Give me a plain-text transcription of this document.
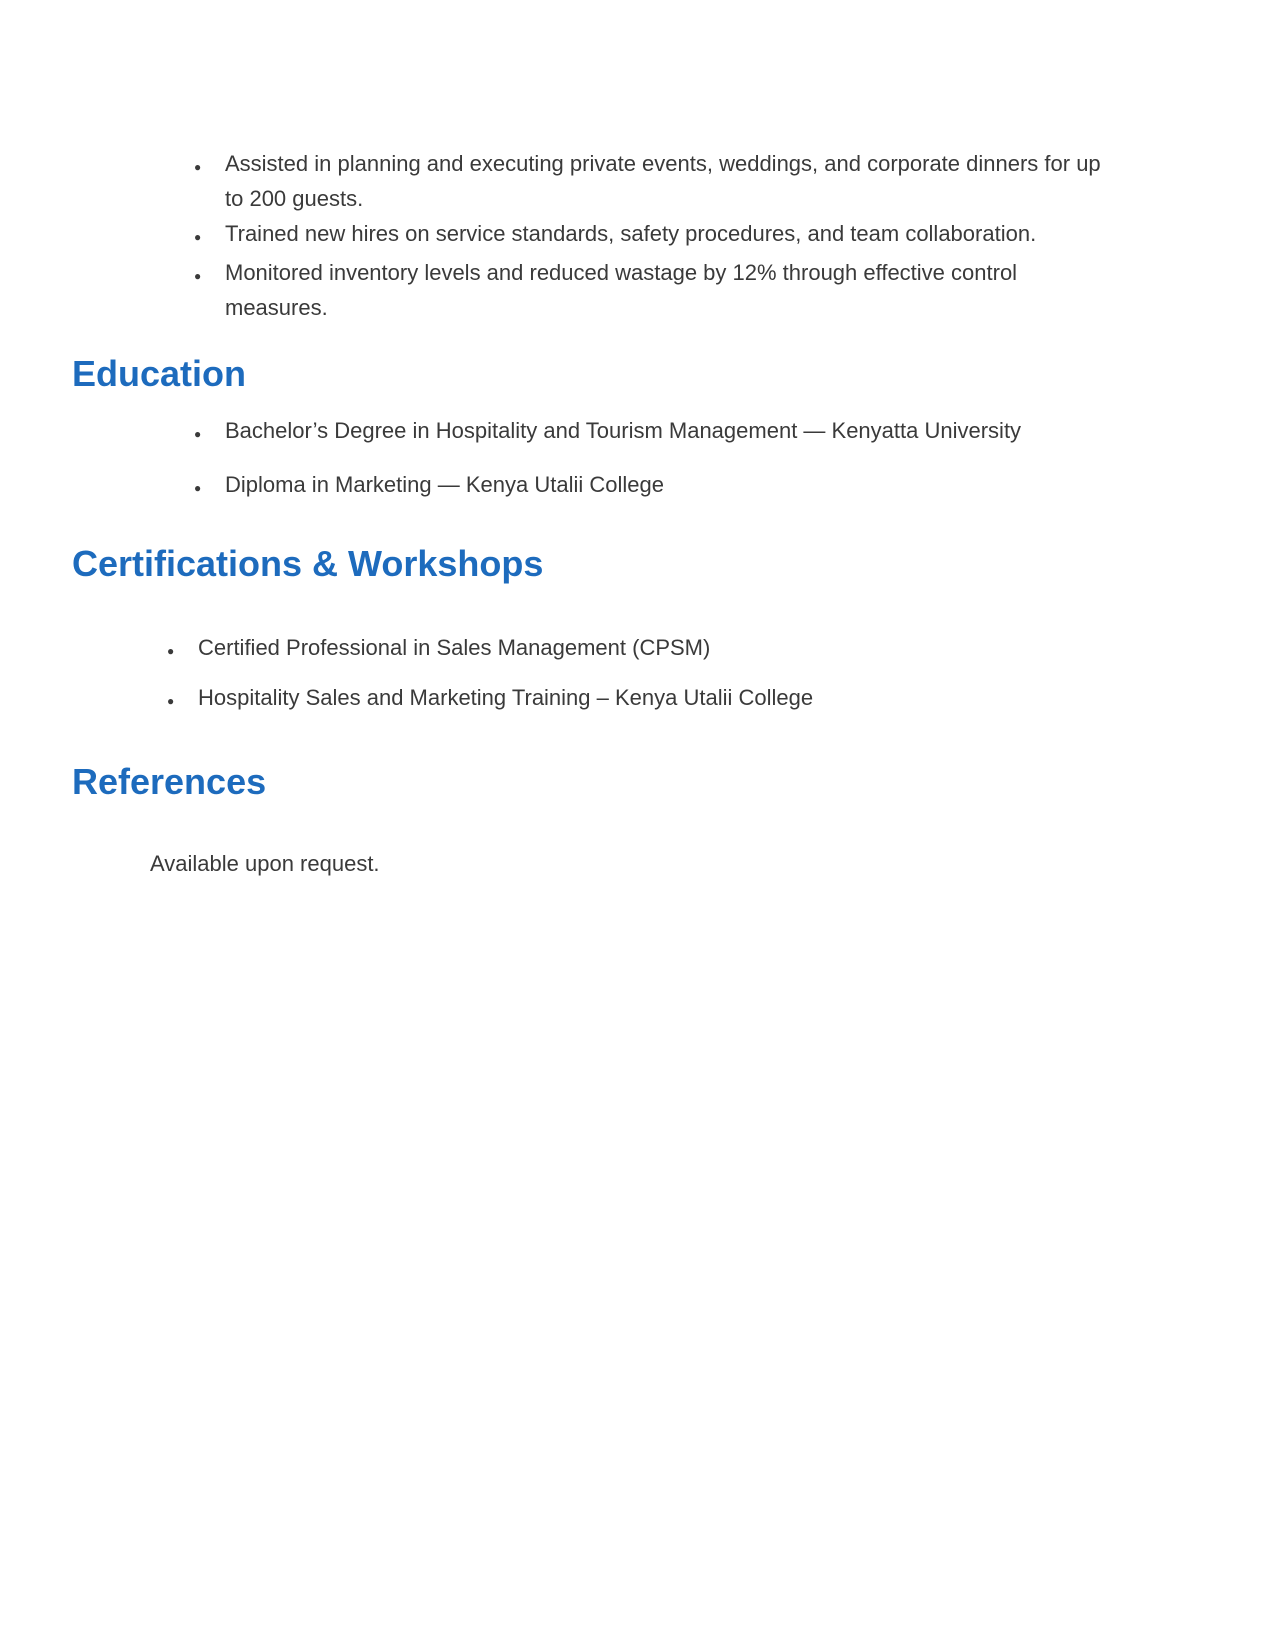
●
Assisted in planning and executing private events, weddings, and corporate dinners for up to 200 guests.
●
Trained new hires on service standards, safety procedures, and team collaboration.
●
Monitored inventory levels and reduced wastage by 12% through effective control measures.
Education
●
Bachelor’s Degree in Hospitality and Tourism Management — Kenyatta University
●
Diploma in Marketing — Kenya Utalii College
Certifications & Workshops
●
Certified Professional in Sales Management (CPSM)
●
Hospitality Sales and Marketing Training – Kenya Utalii College
References

Available upon request.
